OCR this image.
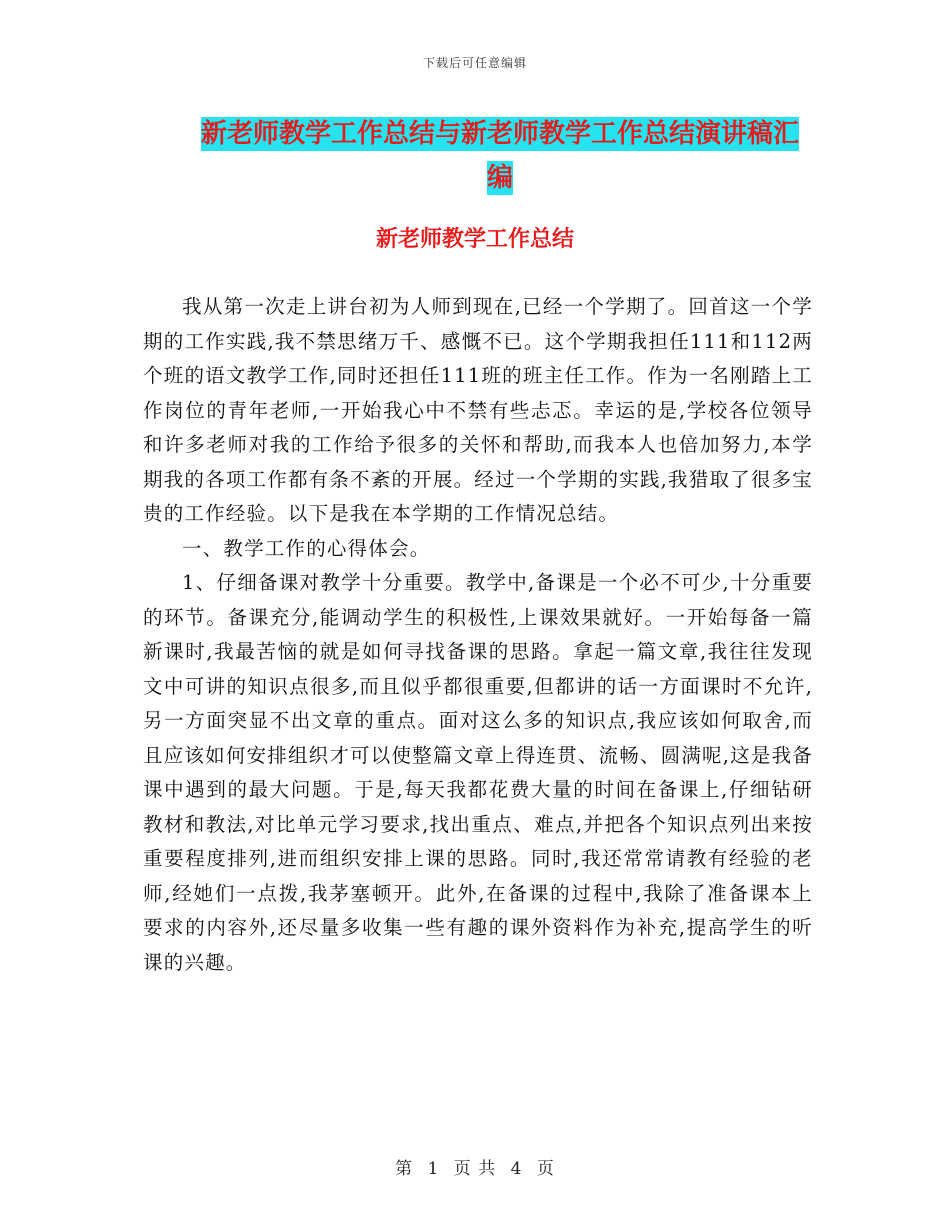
下载后可任意编辑
新老师教学工作总结与新老师教学工作总结演讲稿汇
编
新老师教学工作总结

我从第一次走上讲台初为人师到现在,已经一个学期了。回首这一个学期的工作实践,我不禁思绪万千、感慨不已。这个学期我担任111和112两个班的语文教学工作,同时还担任111班的班主任工作。作为一名刚踏上工作岗位的青年老师,一开始我心中不禁有些忐忑。幸运的是,学校各位领导和许多老师对我的工作给予很多的关怀和帮助,而我本人也倍加努力,本学期我的各项工作都有条不紊的开展。经过一个学期的实践,我猎取了很多宝贵的工作经验。以下是我在本学期的工作情况总结。

一、教学工作的心得体会。

1、仔细备课对教学十分重要。教学中,备课是一个必不可少,十分重要的环节。备课充分,能调动学生的积极性,上课效果就好。一开始每备一篇新课时,我最苦恼的就是如何寻找备课的思路。拿起一篇文章,我往往发现文中可讲的知识点很多,而且似乎都很重要,但都讲的话一方面课时不允许,另一方面突显不出文章的重点。面对这么多的知识点,我应该如何取舍,而且应该如何安排组织才可以使整篇文章上得连贯、流畅、圆满呢,这是我备课中遇到的最大问题。于是,每天我都花费大量的时间在备课上,仔细钻研教材和教法,对比单元学习要求,找出重点、难点,并把各个知识点列出来按重要程度排列,进而组织安排上课的思路。同时,我还常常请教有经验的老师,经她们一点拨,我茅塞顿开。此外,在备课的过程中,我除了准备课本上要求的内容外,还尽量多收集一些有趣的课外资料作为补充,提高学生的听课的兴趣。

第 1 页 共 4 页
